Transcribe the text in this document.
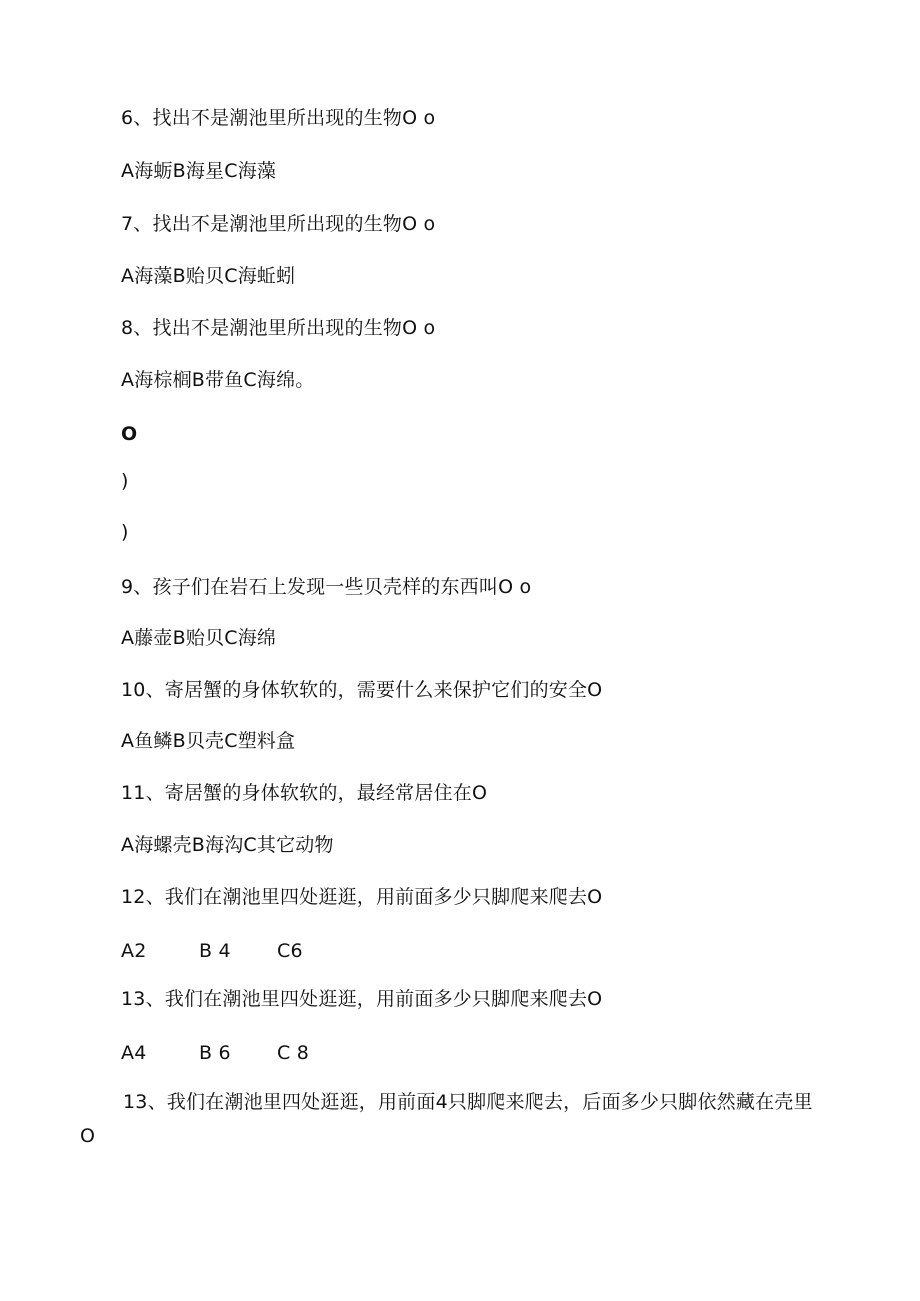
6、找出不是潮池里所出现的生物O o
A海蛎B海星C海藻
7、找出不是潮池里所出现的生物O o
A海藻B贻贝C海蚯蚓
8、找出不是潮池里所出现的生物O o
A海棕榈B带鱼C海绵。
O
)
)
9、孩子们在岩石上发现一些贝壳样的东西叫O o
A藤壶B贻贝C海绵
10、寄居蟹的身体软软的，需要什么来保护它们的安全O
A鱼鳞B贝壳C塑料盒
11、寄居蟹的身体软软的，最经常居住在O
A海螺壳B海沟C其它动物
12、我们在潮池里四处逛逛，用前面多少只脚爬来爬去O
A2	B 4 C6
13、我们在潮池里四处逛逛，用前面多少只脚爬来爬去O
A4	B 6 C 8
13、我们在潮池里四处逛逛，用前面4只脚爬来爬去，后面多少只脚依然藏在壳里O
